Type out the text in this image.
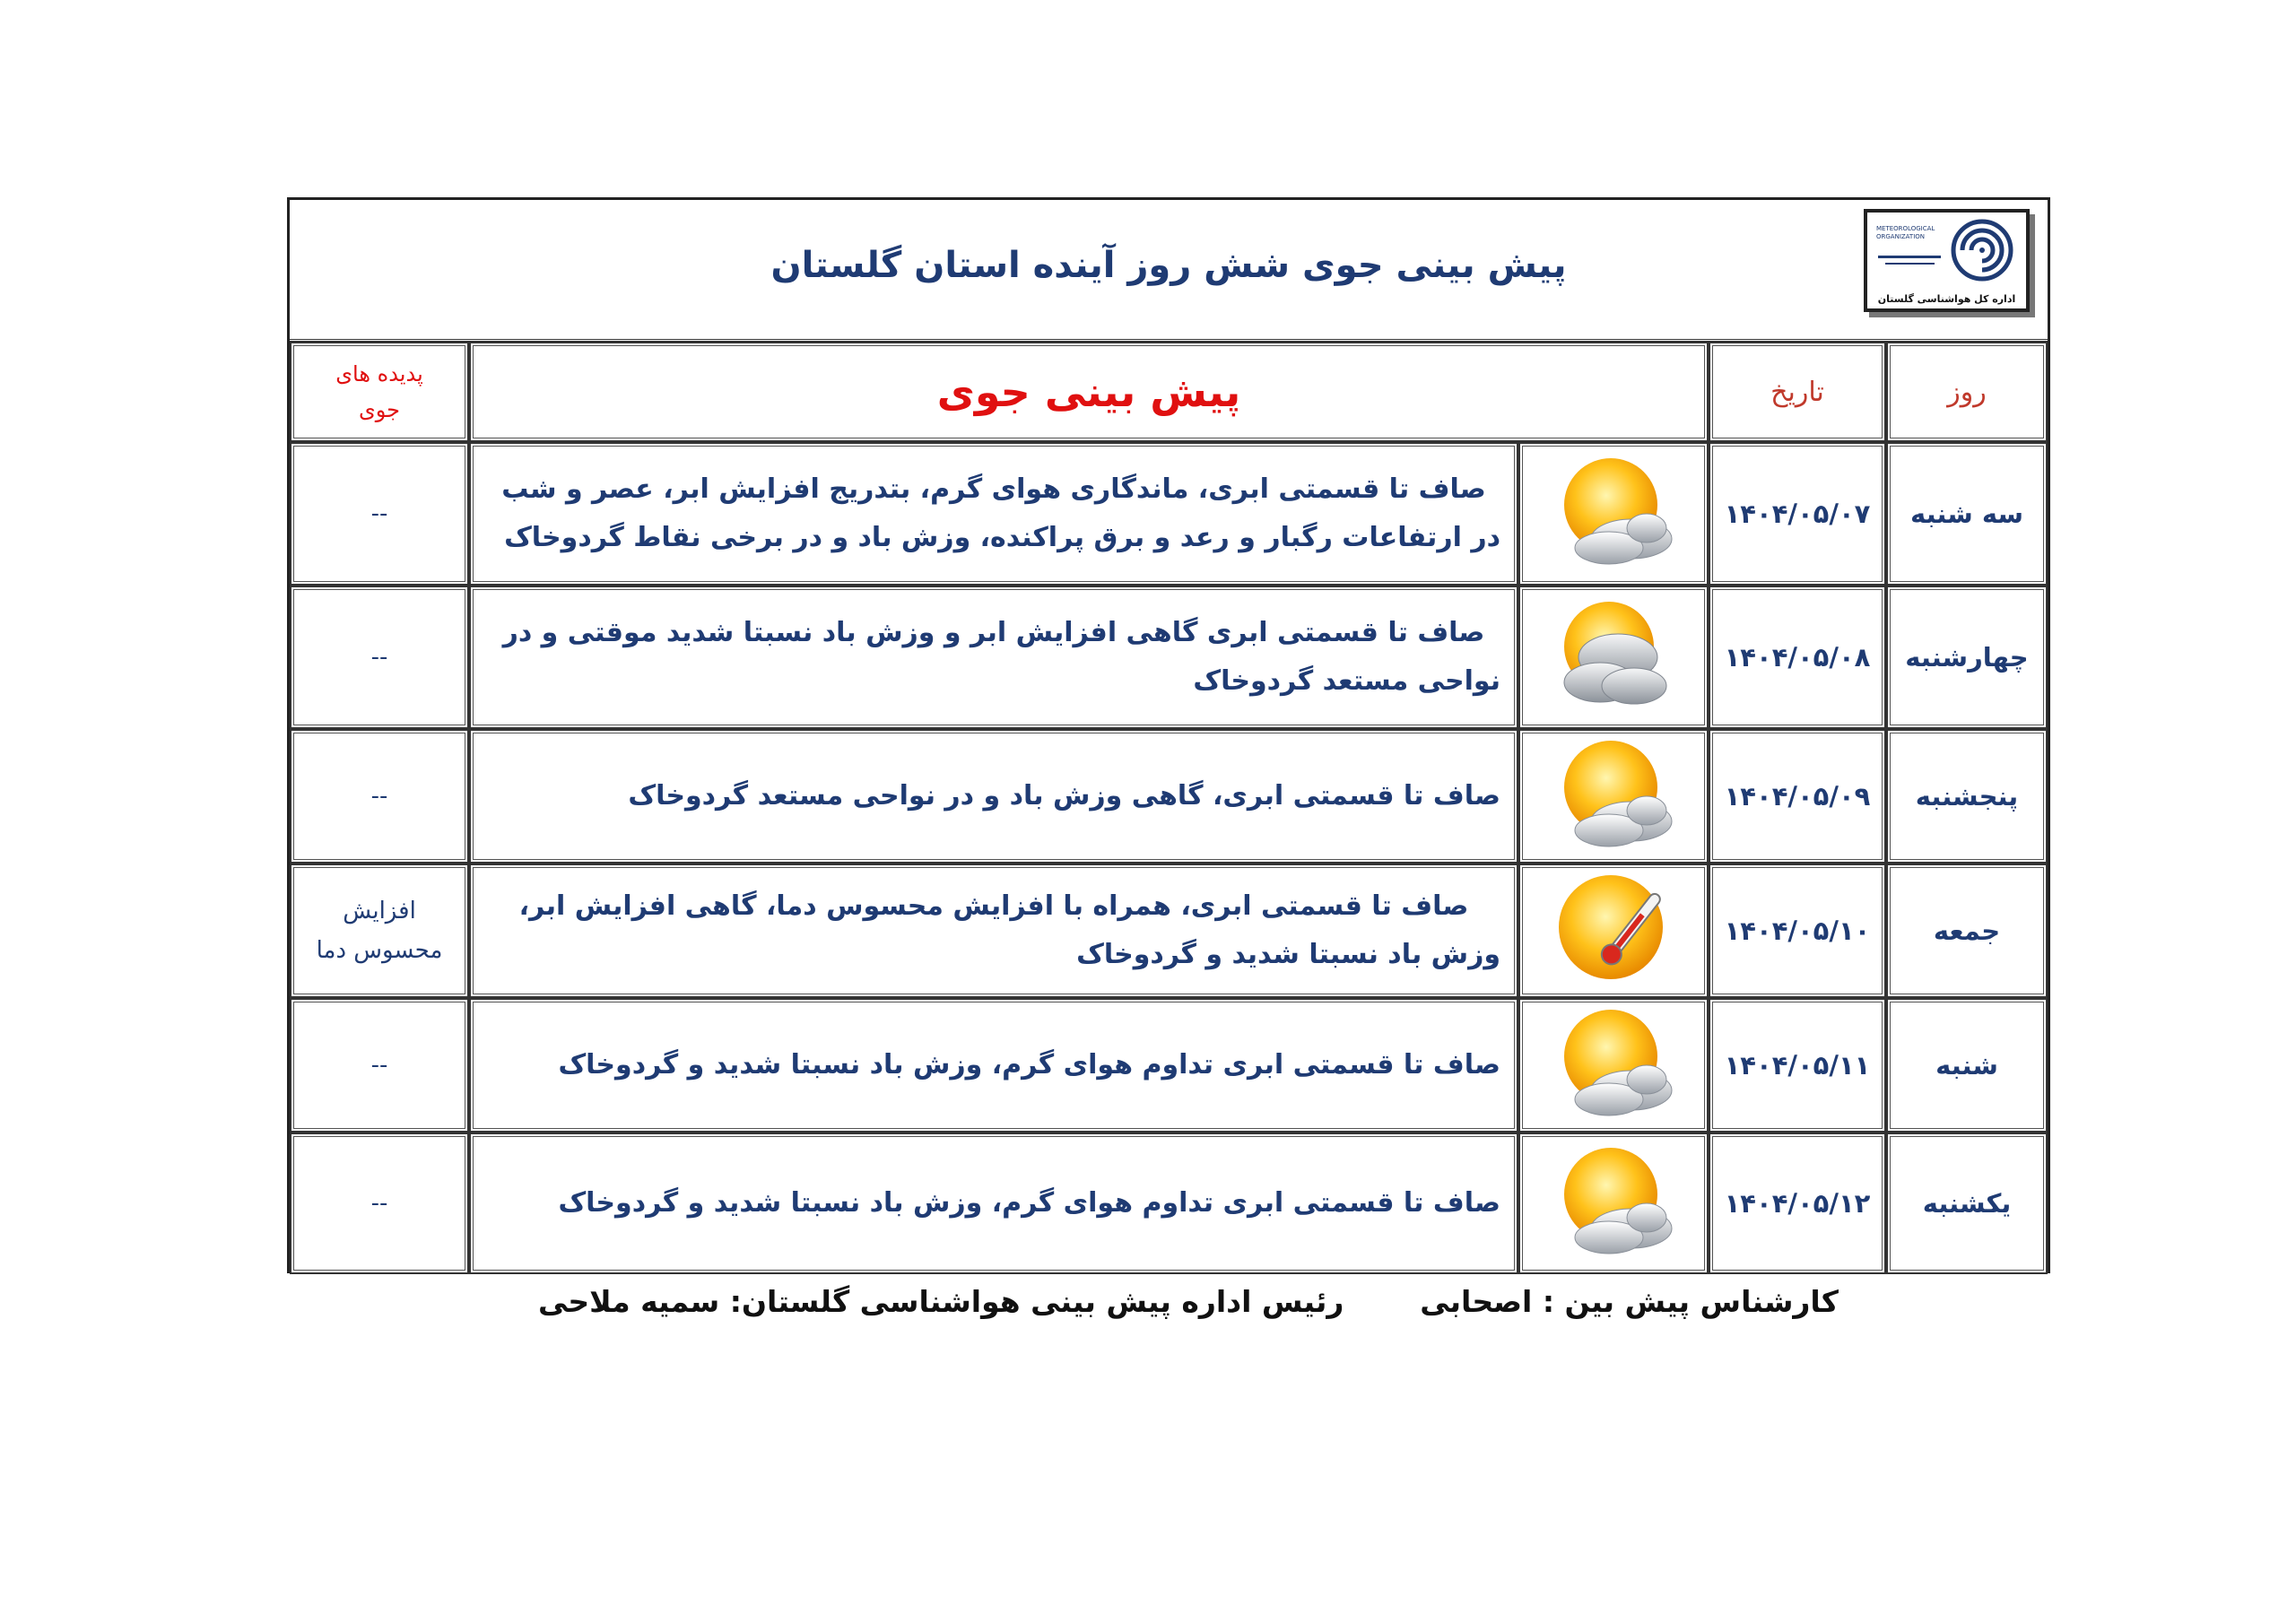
پیش بینی جوی شش روز آینده استان گلستان
METEOROLOGICAL ORGANIZATION
اداره کل هواشناسی گلستان
روز	تاریخ	پیش بینی جوی		پدیده های
جوی

سه شنبه	۱۴۰۴/۰۵/۰۷		صاف تا قسمتی ابری، ماندگاری هوای گرم، بتدریج افزایش ابر، عصر و شب در ارتفاعات رگبار و رعد و برق پراکنده، وزش باد و در برخی نقاط گردوخاک	--
چهارشنبه	۱۴۰۴/۰۵/۰۸		صاف تا قسمتی ابری گاهی افزایش ابر و وزش باد نسبتا شدید موقتی و در نواحی مستعد گردوخاک	--
پنجشنبه	۱۴۰۴/۰۵/۰۹		صاف تا قسمتی ابری، گاهی وزش باد و در نواحی مستعد گردوخاک	--
جمعه	۱۴۰۴/۰۵/۱۰		صاف تا قسمتی ابری، همراه با افزایش محسوس دما، گاهی افزایش ابر، وزش باد نسبتا شدید و گردوخاک	افزایش
محسوس دما

شنبه	۱۴۰۴/۰۵/۱۱		صاف تا قسمتی ابری تداوم هوای گرم، وزش باد نسبتا شدید و گردوخاک	--
یکشنبه	۱۴۰۴/۰۵/۱۲		صاف تا قسمتی ابری تداوم هوای گرم، وزش باد نسبتا شدید و گردوخاک	--
کارشناس پیش بین : اصحابی
رئیس اداره پیش بینی هواشناسی گلستان: سمیه ملاحی
